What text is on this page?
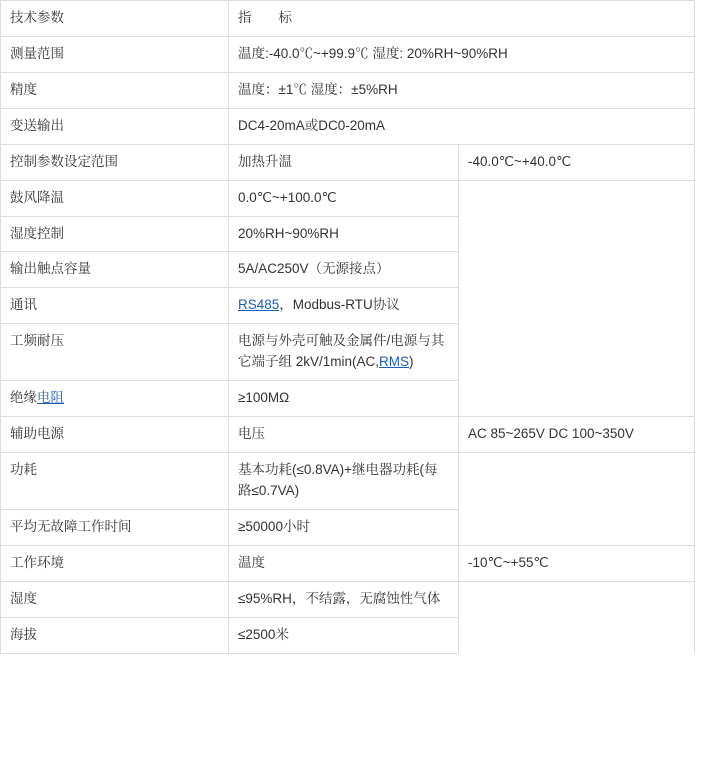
技术参数	指　　标	
测量范围	温度:-40.0℃~+99.9℃ 湿度: 20%RH~90%RH	
精度	温度：±1℃ 湿度：±5%RH	
变送输出	DC4-20mA或DC0-20mA	
控制参数设定范围	加热升温	-40.0℃~+40.0℃
鼓风降温	0.0℃~+100.0℃	
湿度控制	20%RH~90%RH	
输出触点容量	5A/AC250V（无源接点）	
通讯	RS485，Modbus-RTU协议	
工频耐压	电源与外壳可触及金属件/电源与其它端子组 2kV/1min(AC,RMS)	
绝缘电阻	≥100MΩ	
辅助电源	电压	AC 85~265V DC 100~350V
功耗	基本功耗(≤0.8VA)+继电器功耗(每路≤0.7VA)	
平均无故障工作时间	≥50000小时	
工作环境	温度	-10℃~+55℃
湿度	≤95%RH，不结露，无腐蚀性气体	
海拔	≤2500米	
